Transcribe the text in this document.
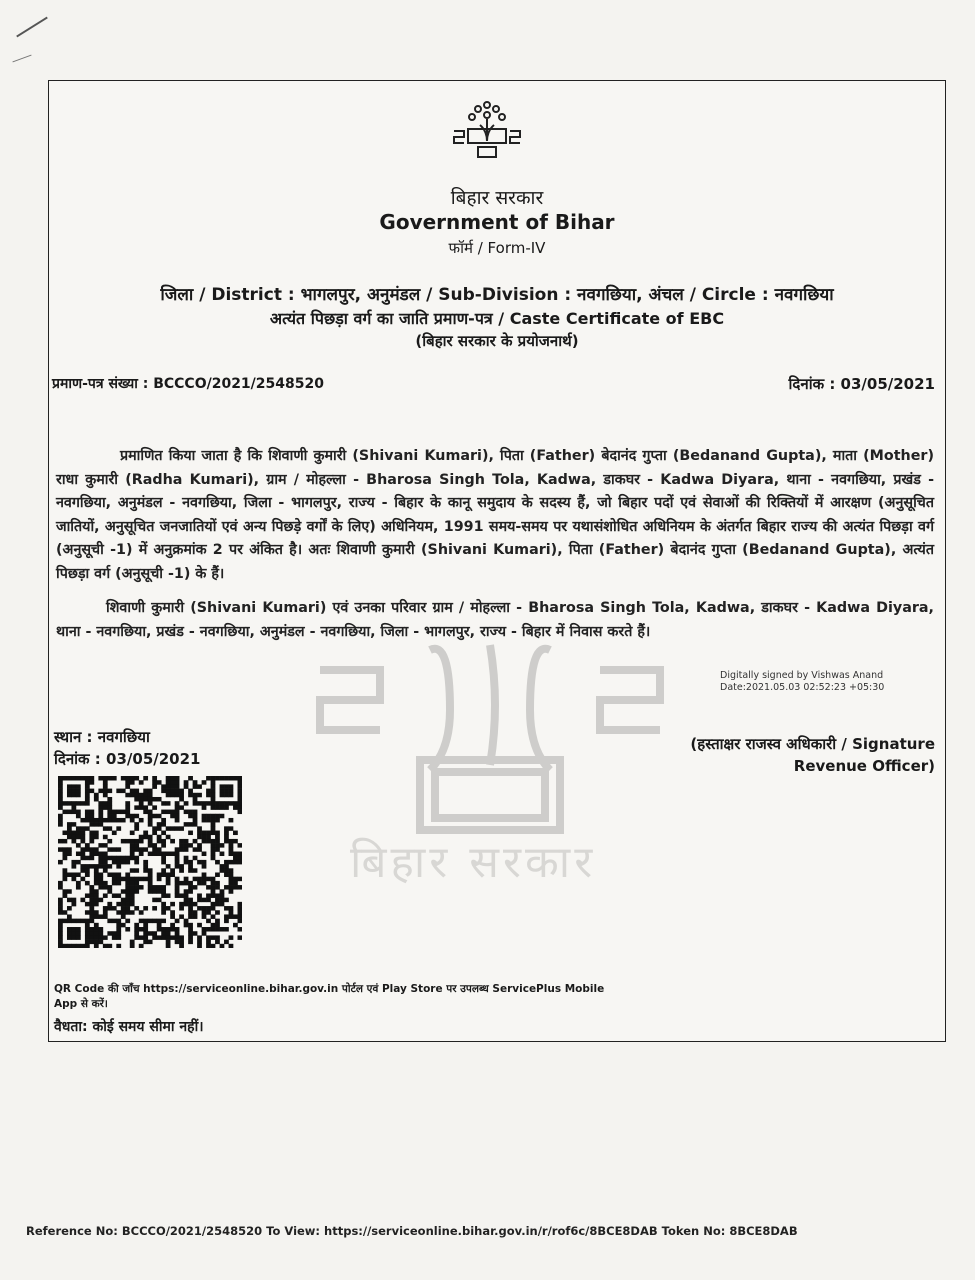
बिहार सरकार
बिहार सरकार
Government of Bihar
फॉर्म / Form-IV
जिला / District : भागलपुर, अनुमंडल / Sub-Division : नवगछिया, अंचल / Circle : नवगछिया
अत्यंत पिछड़ा वर्ग का जाति प्रमाण-पत्र / Caste Certificate of EBC
(बिहार सरकार के प्रयोजनार्थ)
प्रमाण-पत्र संख्या : BCCCO/2021/2548520	दिनांक : 03/05/2021
प्रमाणित किया जाता है कि शिवाणी कुमारी (Shivani Kumari), पिता (Father) बेदानंद गुप्ता (Bedanand Gupta), माता (Mother) राधा कुमारी (Radha Kumari), ग्राम / मोहल्ला - Bharosa Singh Tola, Kadwa, डाकघर - Kadwa Diyara, थाना - नवगछिया, प्रखंड - नवगछिया, अनुमंडल - नवगछिया, जिला - भागलपुर, राज्य - बिहार के कानू समुदाय के सदस्य हैं, जो बिहार पदों एवं सेवाओं की रिक्तियों में आरक्षण (अनुसूचित जातियों, अनुसूचित जनजातियों एवं अन्य पिछड़े वर्गों के लिए) अधिनियम, 1991 समय-समय पर यथासंशोधित अधिनियम के अंतर्गत बिहार राज्य की अत्यंत पिछड़ा वर्ग (अनुसूची -1) में अनुक्रमांक 2 पर अंकित है। अतः शिवाणी कुमारी (Shivani Kumari), पिता (Father) बेदानंद गुप्ता (Bedanand Gupta), अत्यंत पिछड़ा वर्ग (अनुसूची -1) के हैं।
शिवाणी कुमारी (Shivani Kumari) एवं उनका परिवार ग्राम / मोहल्ला - Bharosa Singh Tola, Kadwa, डाकघर - Kadwa Diyara, थाना - नवगछिया, प्रखंड - नवगछिया, अनुमंडल - नवगछिया, जिला - भागलपुर, राज्य - बिहार में निवास करते हैं।
Digitally signed by Vishwas Anand
Date:2021.05.03 02:52:23 +05:30
स्थान : नवगछिया
दिनांक : 03/05/2021
(हस्ताक्षर राजस्व अधिकारी / Signature
Revenue Officer)
QR Code की जाँच https://serviceonline.bihar.gov.in पोर्टल एवं Play Store पर उपलब्ध ServicePlus Mobile App से करें।
वैधता: कोई समय सीमा नहीं।
Reference No: BCCCO/2021/2548520 To View: https://serviceonline.bihar.gov.in/r/rof6c/8BCE8DAB Token No: 8BCE8DAB
